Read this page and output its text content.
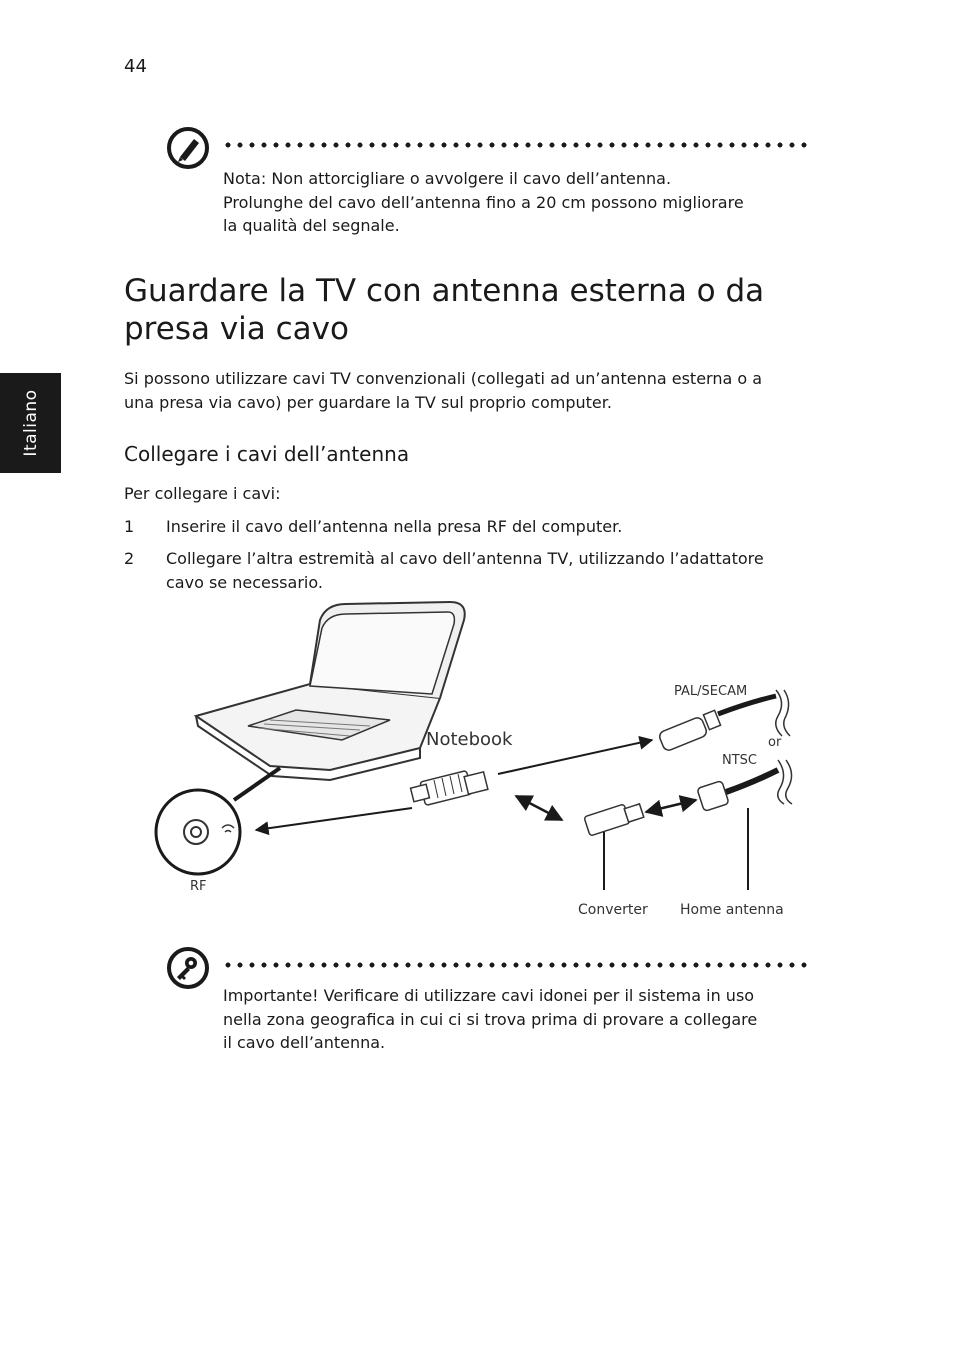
44
Italiano
Nota: Non attorcigliare o avvolgere il cavo dell’antenna.
Prolunghe del cavo dell’antenna fino a 20 cm possono migliorare
la qualità del segnale.
Guardare la TV con antenna esterna o da
presa via cavo
Si possono utilizzare cavi TV convenzionali (collegati ad un’antenna esterna o a
una presa via cavo) per guardare la TV sul proprio computer.
Collegare i cavi dell’antenna
Per collegare i cavi:
1 Inserire il cavo dell’antenna nella presa RF del computer.
2 Collegare l’altra estremità al cavo dell’antenna TV, utilizzando l’adattatore
cavo se necessario.
Notebook
PAL/SECAM
or
NTSC
RF
Converter Home antenna
Importante! Verificare di utilizzare cavi idonei per il sistema in uso
nella zona geografica in cui ci si trova prima di provare a collegare
il cavo dell’antenna.
